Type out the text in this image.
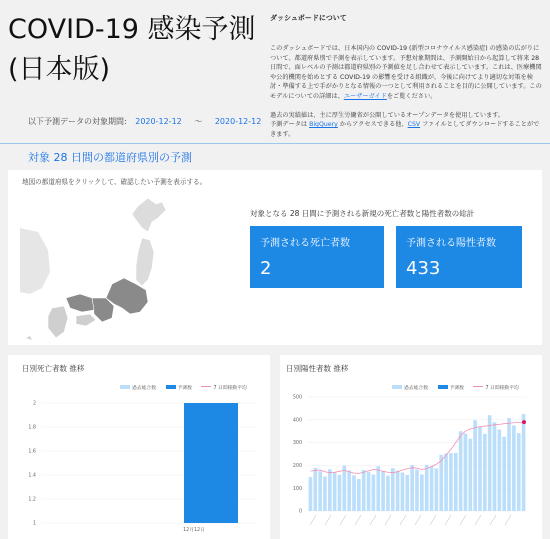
COVID-19 感染予測 (日本版)
以下予測データの対象期間: 2020-12-12 〜 2020-12-12
ダッシュボードについて

このダッシュボードでは、日本国内の COVID-19 (新型コロナウイルス感染症) の感染の広がりについて、都道府県別で予測を表示しています。予想対象期間は、予測開始日から起算して将来 28 日間で、面レベルの予測は都道府県別の予測値を足し合わせて表示しています。これは、医療機関や公的機関を始めとする COVID-19 の影響を受ける組織が、今後に向けてより適切な対策を検討・準備する上で手がかりとなる情報の一つとして利用されることを目的に公開しています。このモデルについての詳細は、ユーザーガイドをご覧ください。

過去の実績値は、主に厚生労働省が公開しているオープンデータを使用しています。

予測データは BigQuery からアクセスできる他、CSV ファイルとしてダウンロードすることができます。

対象 28 日間の都道府県別の予測
地図の都道府県をクリックして、確認したい予測を表示する。
対象となる 28 日間に予測される新規の死亡者数と陽性者数の総計
予測される死亡者数
2
予測される陽性者数
433
日別死亡者数 推移
過去総合数	予測数	7 日間移動平均
2
1.8
1.6
1.4
1.2
1
12月12日
日別陽性者数 推移
過去総合数	予測数	7 日間移動平均
500
400
300
200
100
0
